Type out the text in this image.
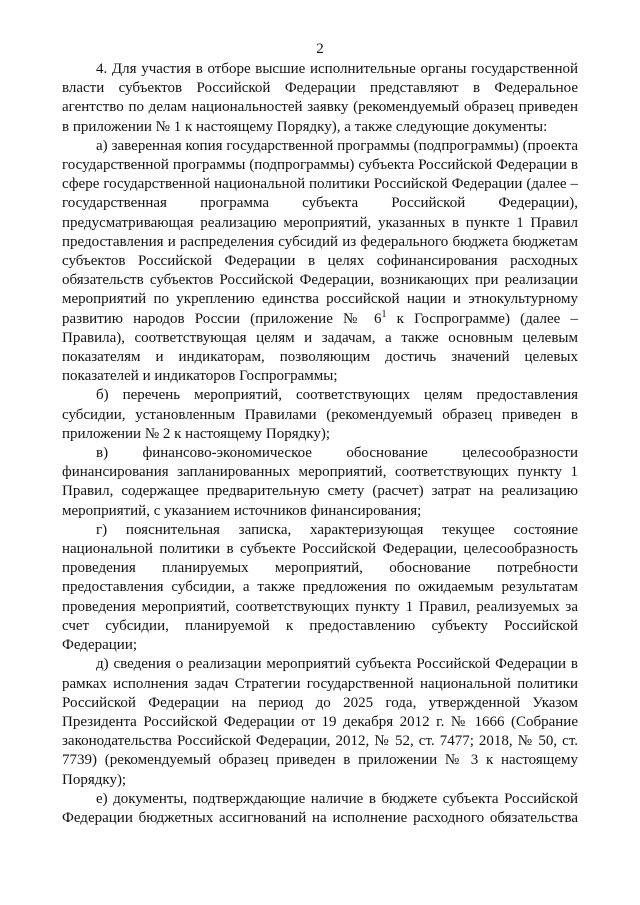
2

4. Для участия в отборе высшие исполнительные органы государственной власти субъектов Российской Федерации представляют в Федеральное агентство по делам национальностей заявку (рекомендуемый образец приведен в приложении № 1 к настоящему Порядку), а также следующие документы:

а) заверенная копия государственной программы (подпрограммы) (проекта государственной программы (подпрограммы) субъекта Российской Федерации в сфере государственной национальной политики Российской Федерации (далее – государственная программа субъекта Российской Федерации), предусматривающая реализацию мероприятий, указанных в пункте 1 Правил предоставления и распределения субсидий из федерального бюджета бюджетам субъектов Российской Федерации в целях софинансирования расходных обязательств субъектов Российской Федерации, возникающих при реализации мероприятий по укреплению единства российской нации и этнокультурному развитию народов России (приложение № $6^1$ к Госпрограмме) (далее – Правила), соответствующая целям и задачам, а также основным целевым показателям и индикаторам, позволяющим достичь значений целевых показателей и индикаторов Госпрограммы;

б) перечень мероприятий, соответствующих целям предоставления субсидии, установленным Правилами (рекомендуемый образец приведен в приложении № 2 к настоящему Порядку);

в) финансово-экономическое обоснование целесообразности финансирования запланированных мероприятий, соответствующих пункту 1 Правил, содержащее предварительную смету (расчет) затрат на реализацию мероприятий, с указанием источников финансирования;

г) пояснительная записка, характеризующая текущее состояние национальной политики в субъекте Российской Федерации, целесообразность проведения планируемых мероприятий, обоснование потребности предоставления субсидии, а также предложения по ожидаемым результатам проведения мероприятий, соответствующих пункту 1 Правил, реализуемых за счет субсидии, планируемой к предоставлению субъекту Российской Федерации;

д) сведения о реализации мероприятий субъекта Российской Федерации в рамках исполнения задач Стратегии государственной национальной политики Российской Федерации на период до 2025 года, утвержденной Указом Президента Российской Федерации от 19 декабря 2012 г. № 1666 (Собрание законодательства Российской Федерации, 2012, № 52, ст. 7477; 2018, № 50, ст. 7739) (рекомендуемый образец приведен в приложении № 3 к настоящему Порядку);

е) документы, подтверждающие наличие в бюджете субъекта Российской Федерации бюджетных ассигнований на исполнение расходного обязательства
